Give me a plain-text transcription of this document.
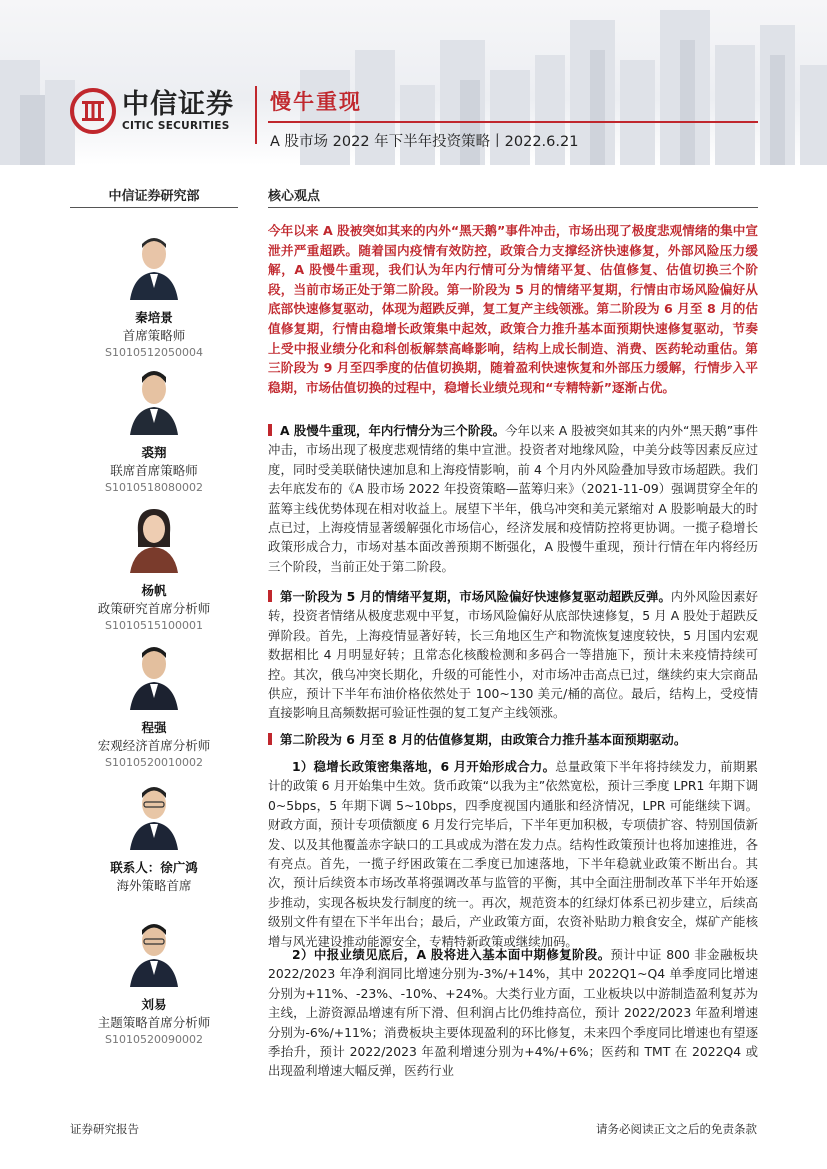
中信证券
CITIC SECURITIES
慢牛重现
A 股市场 2022 年下半年投资策略丨2022.6.21
中信证券研究部
秦培景
首席策略师
S1010512050004
裘翔
联席首席策略师
S1010518080002
杨帆
政策研究首席分析师
S1010515100001
程强
宏观经济首席分析师
S1010520010002
联系人：徐广鸿
海外策略首席
刘易
主题策略首席分析师
S1010520090002
核心观点
今年以来 A 股被突如其来的内外“黑天鹅”事件冲击，市场出现了极度悲观情绪的集中宣泄并严重超跌。随着国内疫情有效防控，政策合力支撑经济快速修复，外部风险压力缓解，A 股慢牛重现，我们认为年内行情可分为情绪平复、估值修复、估值切换三个阶段，当前市场正处于第二阶段。第一阶段为 5 月的情绪平复期，行情由市场风险偏好从底部快速修复驱动，体现为超跌反弹，复工复产主线领涨。第二阶段为 6 月至 8 月的估值修复期，行情由稳增长政策集中起效，政策合力推升基本面预期快速修复驱动，节奏上受中报业绩分化和科创板解禁高峰影响，结构上成长制造、消费、医药轮动重估。第三阶段为 9 月至四季度的估值切换期，随着盈利快速恢复和外部压力缓解，行情步入平稳期，市场估值切换的过程中，稳增长业绩兑现和“专精特新”逐渐占优。
A 股慢牛重现，年内行情分为三个阶段。今年以来 A 股被突如其来的内外“黑天鹅”事件冲击，市场出现了极度悲观情绪的集中宣泄。投资者对地缘风险，中美分歧等因素反应过度，同时受美联储快速加息和上海疫情影响，前 4 个月内外风险叠加导致市场超跌。我们去年底发布的《A 股市场 2022 年投资策略—蓝筹归来》（2021-11-09）强调贯穿全年的蓝筹主线优势体现在相对收益上。展望下半年，俄乌冲突和美元紧缩对 A 股影响最大的时点已过，上海疫情显著缓解强化市场信心，经济发展和疫情防控将更协调。一揽子稳增长政策形成合力，市场对基本面改善预期不断强化，A 股慢牛重现，预计行情在年内将经历三个阶段，当前正处于第二阶段。
第一阶段为 5 月的情绪平复期，市场风险偏好快速修复驱动超跌反弹。内外风险因素好转，投资者情绪从极度悲观中平复，市场风险偏好从底部快速修复，5 月 A 股处于超跌反弹阶段。首先，上海疫情显著好转，长三角地区生产和物流恢复速度较快，5 月国内宏观数据相比 4 月明显好转；且常态化核酸检测和多码合一等措施下，预计未来疫情持续可控。其次，俄乌冲突长期化，升级的可能性小，对市场冲击高点已过，继续约束大宗商品供应，预计下半年布油价格依然处于 100~130 美元/桶的高位。最后，结构上，受疫情直接影响且高频数据可验证性强的复工复产主线领涨。
第二阶段为 6 月至 8 月的估值修复期，由政策合力推升基本面预期驱动。
1）稳增长政策密集落地，6 月开始形成合力。总量政策下半年将持续发力，前期累计的政策 6 月开始集中生效。货币政策“以我为主”依然宽松，预计三季度 LPR1 年期下调 0~5bps，5 年期下调 5~10bps，四季度视国内通胀和经济情况，LPR 可能继续下调。财政方面，预计专项债额度 6 月发行完毕后，下半年更加积极，专项债扩容、特别国债新发、以及其他覆盖赤字缺口的工具或成为潜在发力点。结构性政策预计也将加速推进，各有亮点。首先，一揽子纾困政策在二季度已加速落地，下半年稳就业政策不断出台。其次，预计后续资本市场改革将强调改革与监管的平衡，其中全面注册制改革下半年开始逐步推动，实现各板块发行制度的统一。再次，规范资本的红绿灯体系已初步建立，后续高级别文件有望在下半年出台；最后，产业政策方面，农资补贴助力粮食安全，煤矿产能核增与风光建设推动能源安全，专精特新政策或继续加码。
2）中报业绩见底后，A 股将进入基本面中期修复阶段。预计中证 800 非金融板块 2022/2023 年净利润同比增速分别为-3%/+14%，其中 2022Q1~Q4 单季度同比增速分别为+11%、-23%、-10%、+24%。大类行业方面，工业板块以中游制造盈利复苏为主线，上游资源品增速有所下滑、但利润占比仍维持高位，预计 2022/2023 年盈利增速分别为-6%/+11%；消费板块主要体现盈利的环比修复，未来四个季度同比增速也有望逐季抬升，预计 2022/2023 年盈利增速分别为+4%/+6%；医药和 TMT 在 2022Q4 或出现盈利增速大幅反弹，医药行业
证券研究报告	请务必阅读正文之后的免责条款
